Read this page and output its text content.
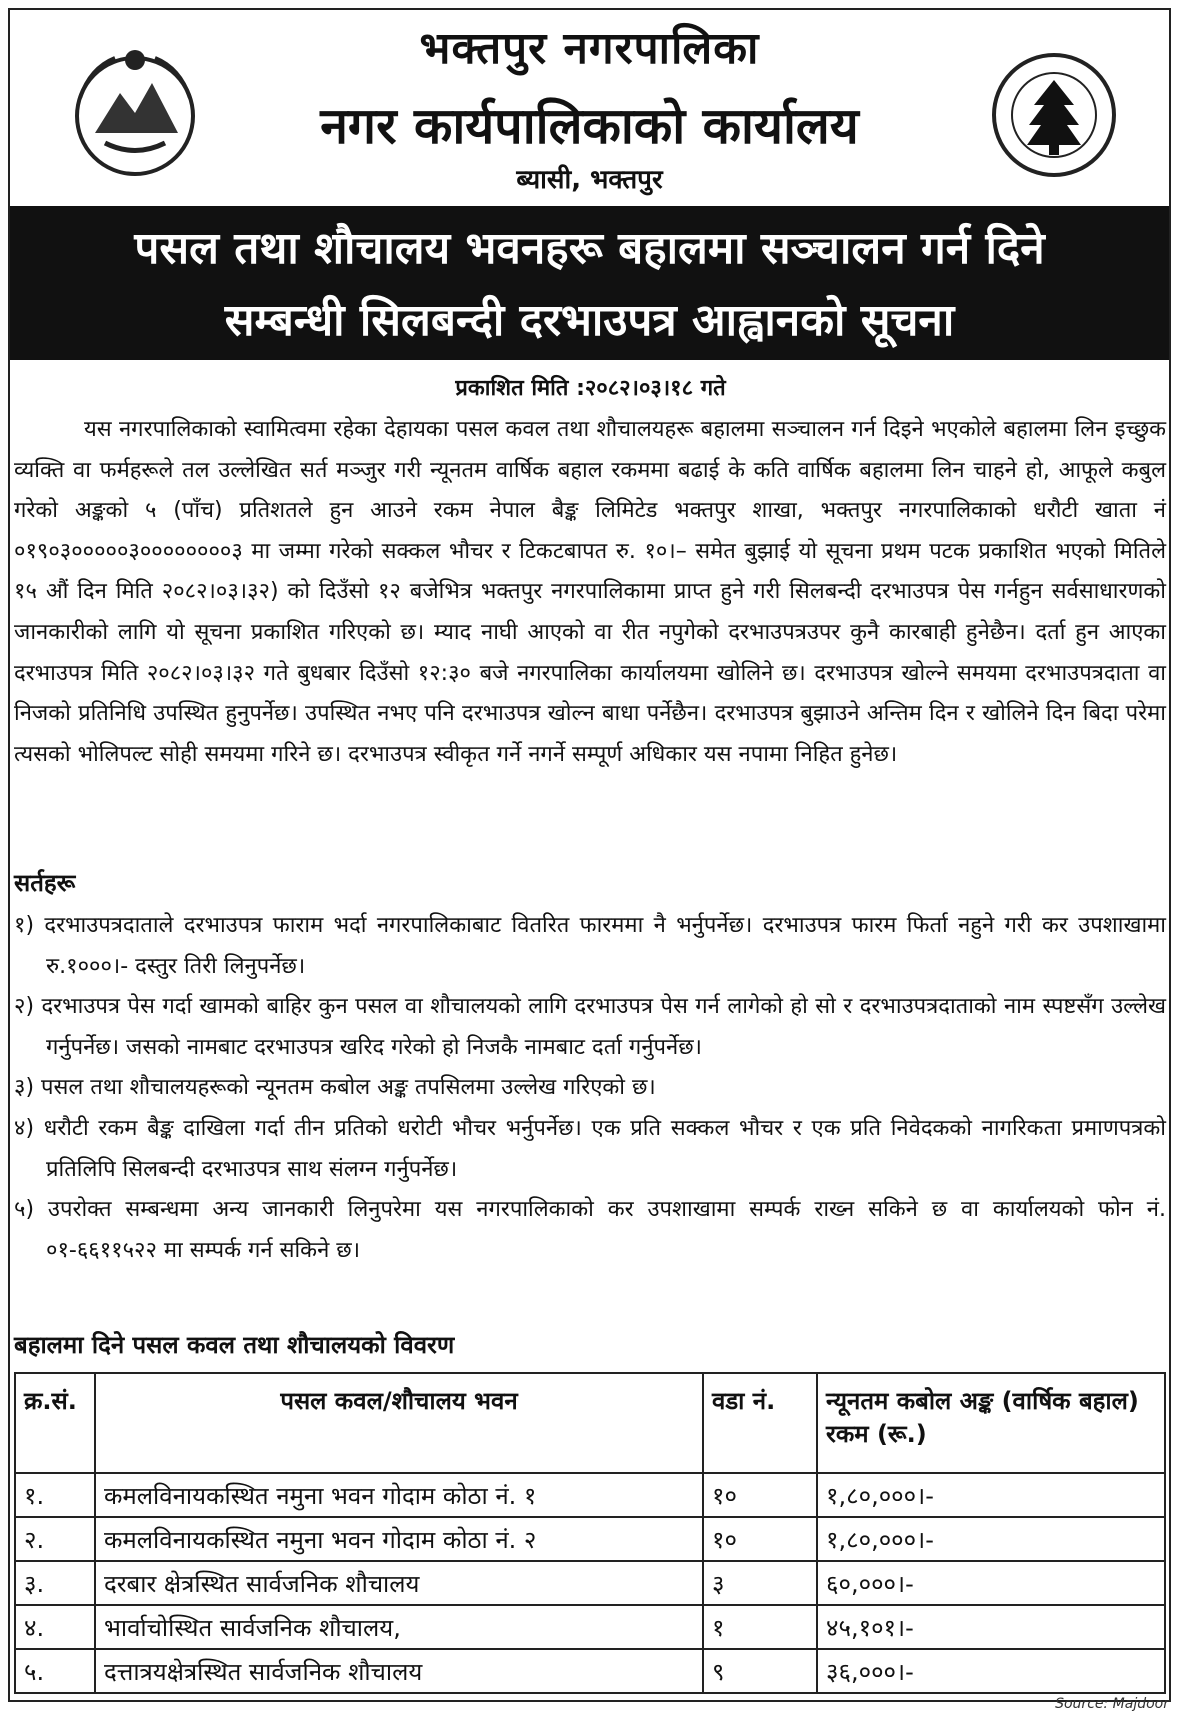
भक्तपुर नगरपालिका
नगर कार्यपालिकाको कार्यालय
ब्यासी, भक्तपुर
पसल तथा शौचालय भवनहरू बहालमा सञ्चालन गर्न दिने
सम्बन्धी सिलबन्दी दरभाउपत्र आह्वानको सूचना
प्रकाशित मिति :२०८२।०३।१८ गते

यस नगरपालिकाको स्वामित्वमा रहेका देहायका पसल कवल तथा शौचालयहरू बहालमा सञ्चालन गर्न दिइने भएकोले बहालमा लिन इच्छुक व्यक्ति वा फर्महरूले तल उल्लेखित सर्त मञ्जुर गरी न्यूनतम वार्षिक बहाल रकममा बढाई के कति वार्षिक बहालमा लिन चाहने हो, आफूले कबुल गरेको अङ्कको ५ (पाँच) प्रतिशतले हुन आउने रकम नेपाल बैङ्क लिमिटेड भक्तपुर शाखा, भक्तपुर नगरपालिकाको धरौटी खाता नं ०१९०३०००००३००००००००३ मा जम्मा गरेको सक्कल भौचर र टिकटबापत रु. १०।– समेत बुझाई यो सूचना प्रथम पटक प्रकाशित भएको मितिले १५ औं दिन मिति २०८२।०३।३२) को दिउँसो १२ बजेभित्र भक्तपुर नगरपालिकामा प्राप्त हुने गरी सिलबन्दी दरभाउपत्र पेस गर्नहुन सर्वसाधारणको जानकारीको लागि यो सूचना प्रकाशित गरिएको छ। म्याद नाघी आएको वा रीत नपुगेको दरभाउपत्रउपर कुनै कारबाही हुनेछैन। दर्ता हुन आएका दरभाउपत्र मिति २०८२।०३।३२ गते बुधबार दिउँसो १२:३० बजे नगरपालिका कार्यालयमा खोलिने छ। दरभाउपत्र खोल्ने समयमा दरभाउपत्रदाता वा निजको प्रतिनिधि उपस्थित हुनुपर्नेछ। उपस्थित नभए पनि दरभाउपत्र खोल्न बाधा पर्नेछैन। दरभाउपत्र बुझाउने अन्तिम दिन र खोलिने दिन बिदा परेमा त्यसको भोलिपल्ट सोही समयमा गरिने छ। दरभाउपत्र स्वीकृत गर्ने नगर्ने सम्पूर्ण अधिकार यस नपामा निहित हुनेछ।

सर्तहरू

१) दरभाउपत्रदाताले दरभाउपत्र फाराम भर्दा नगरपालिकाबाट वितरित फारममा नै भर्नुपर्नेछ। दरभाउपत्र फारम फिर्ता नहुने गरी कर उपशाखामा रु.१०००।- दस्तुर तिरी लिनुपर्नेछ।

२) दरभाउपत्र पेस गर्दा खामको बाहिर कुन पसल वा शौचालयको लागि दरभाउपत्र पेस गर्न लागेको हो सो र दरभाउपत्रदाताको नाम स्पष्टसँग उल्लेख गर्नुपर्नेछ। जसको नामबाट दरभाउपत्र खरिद गरेको हो निजकै नामबाट दर्ता गर्नुपर्नेछ।

३) पसल तथा शौचालयहरूको न्यूनतम कबोल अङ्क तपसिलमा उल्लेख गरिएको छ।

४) धरौटी रकम बैङ्क दाखिला गर्दा तीन प्रतिको धरोटी भौचर भर्नुपर्नेछ। एक प्रति सक्कल भौचर र एक प्रति निवेदकको नागरिकता प्रमाणपत्रको प्रतिलिपि सिलबन्दी दरभाउपत्र साथ संलग्न गर्नुपर्नेछ।

५) उपरोक्त सम्बन्धमा अन्य जानकारी लिनुपरेमा यस नगरपालिकाको कर उपशाखामा सम्पर्क राख्न सकिने छ वा कार्यालयको फोन नं. ०१-६६११५२२ मा सम्पर्क गर्न सकिने छ।

बहालमा दिने पसल कवल तथा शौचालयको विवरण
क्र.सं.	पसल कवल/शौचालय भवन	वडा नं.	न्यूनतम कबोल अङ्क (वार्षिक बहाल) रकम (रू.)
१.	कमलविनायकस्थित नमुना भवन गोदाम कोठा नं. १	१०	१,८०,०००।-
२.	कमलविनायकस्थित नमुना भवन गोदाम कोठा नं. २	१०	१,८०,०००।-
३.	दरबार क्षेत्रस्थित सार्वजनिक शौचालय	३	६०,०००।-
४.	भार्वाचोस्थित सार्वजनिक शौचालय,	१	४५,१०१।-
५.	दत्तात्रयक्षेत्रस्थित सार्वजनिक शौचालय	९	३६,०००।-
Source: Majdoor
